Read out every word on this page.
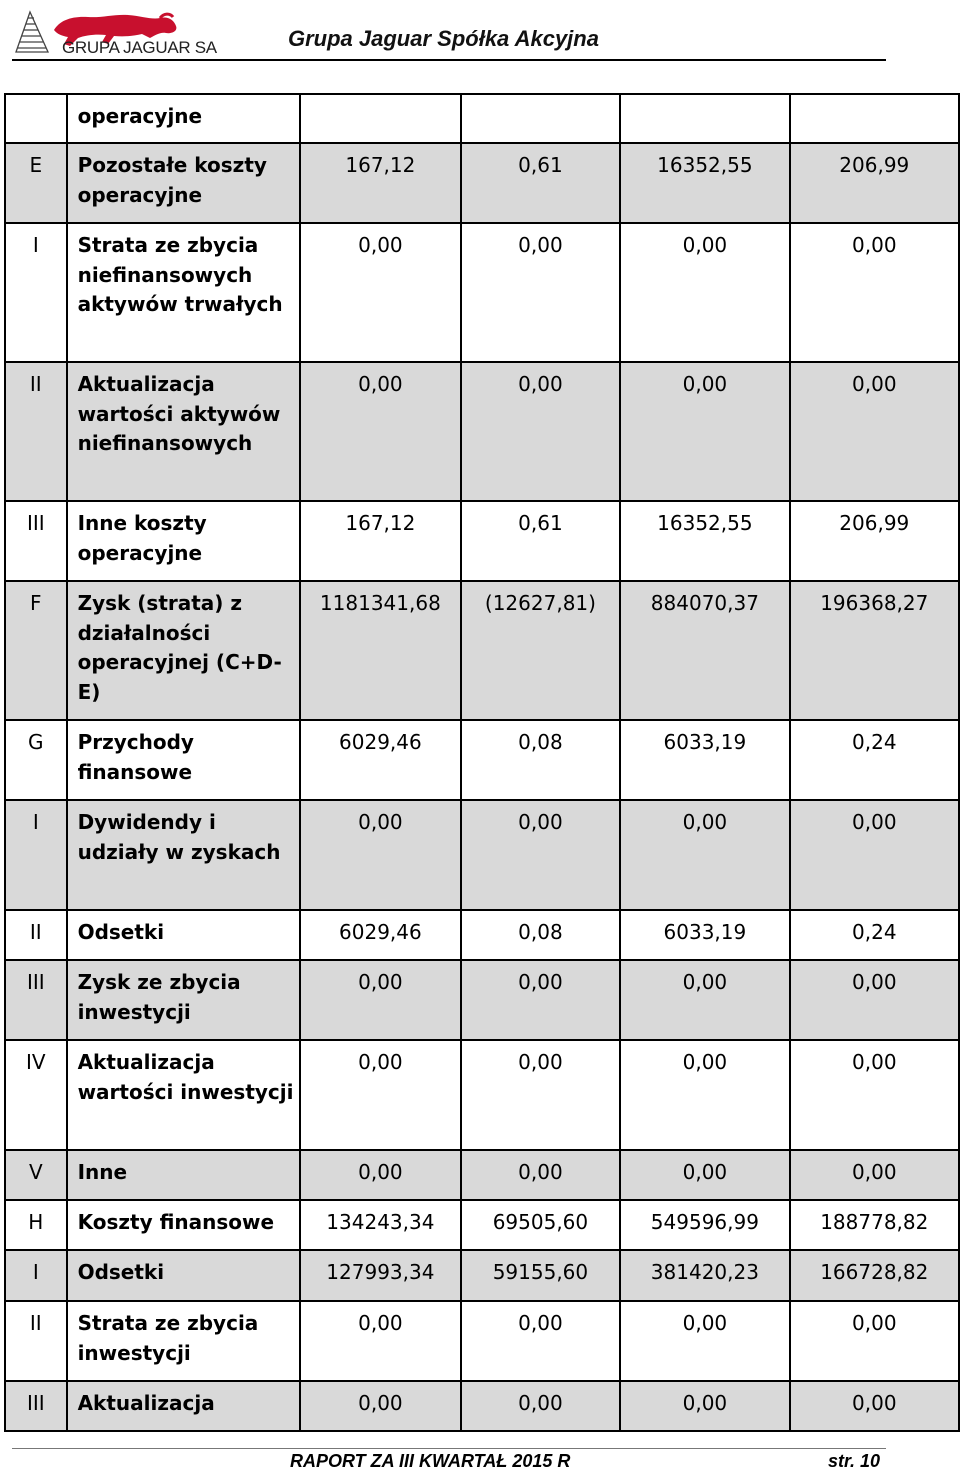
GRUPA JAGUAR SA	Grupa Jaguar Spółka Akcyjna
	operacyjne				
E	Pozostałe koszty operacyjne	167,12	0,61	16352,55	206,99
I	Strata ze zbycia niefinansowych aktywów trwałych	0,00	0,00	0,00	0,00
II	Aktualizacja wartości aktywów niefinansowych	0,00	0,00	0,00	0,00
III	Inne koszty operacyjne	167,12	0,61	16352,55	206,99
F	Zysk (strata) z działalności operacyjnej (C+D-E)	1181341,68	(12627,81)	884070,37	196368,27
G	Przychody finansowe	6029,46	0,08	6033,19	0,24
I	Dywidendy i udziały w zyskach	0,00	0,00	0,00	0,00
II	Odsetki	6029,46	0,08	6033,19	0,24
III	Zysk ze zbycia inwestycji	0,00	0,00	0,00	0,00
IV	Aktualizacja wartości inwestycji	0,00	0,00	0,00	0,00
V	Inne	0,00	0,00	0,00	0,00
H	Koszty finansowe	134243,34	69505,60	549596,99	188778,82
I	Odsetki	127993,34	59155,60	381420,23	166728,82
II	Strata ze zbycia inwestycji	0,00	0,00	0,00	0,00
III	Aktualizacja	0,00	0,00	0,00	0,00
RAPORT ZA III KWARTAŁ 2015 R	str. 10
